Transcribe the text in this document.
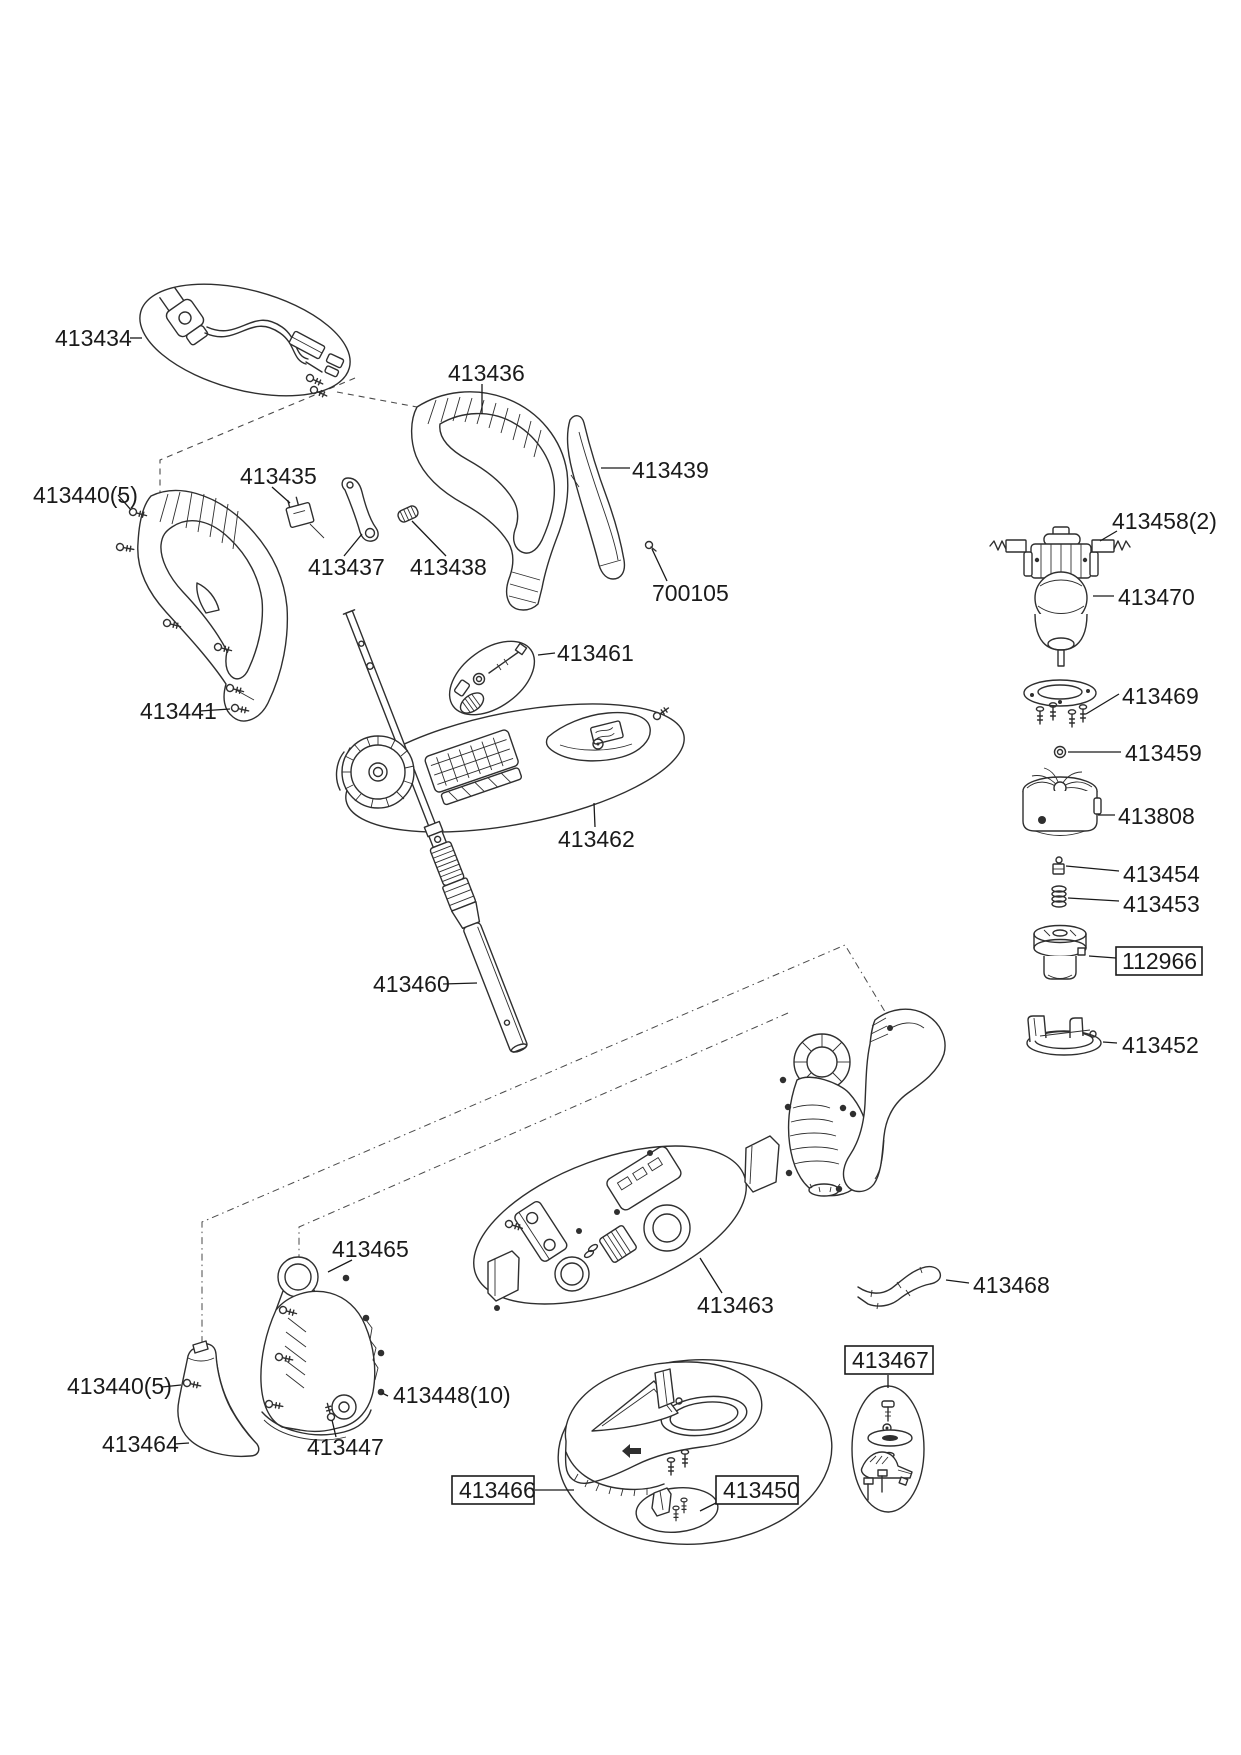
413434
413440(5)
413435
413436
413439
413437 413438
700105
413441
413461
413462
413460
413458(2)
413470
413469
413459
413808
413454
413453
112966
413452
413465
413463
413468
413448(10)
413440(5)
413464	413447
413466	413450
413467
